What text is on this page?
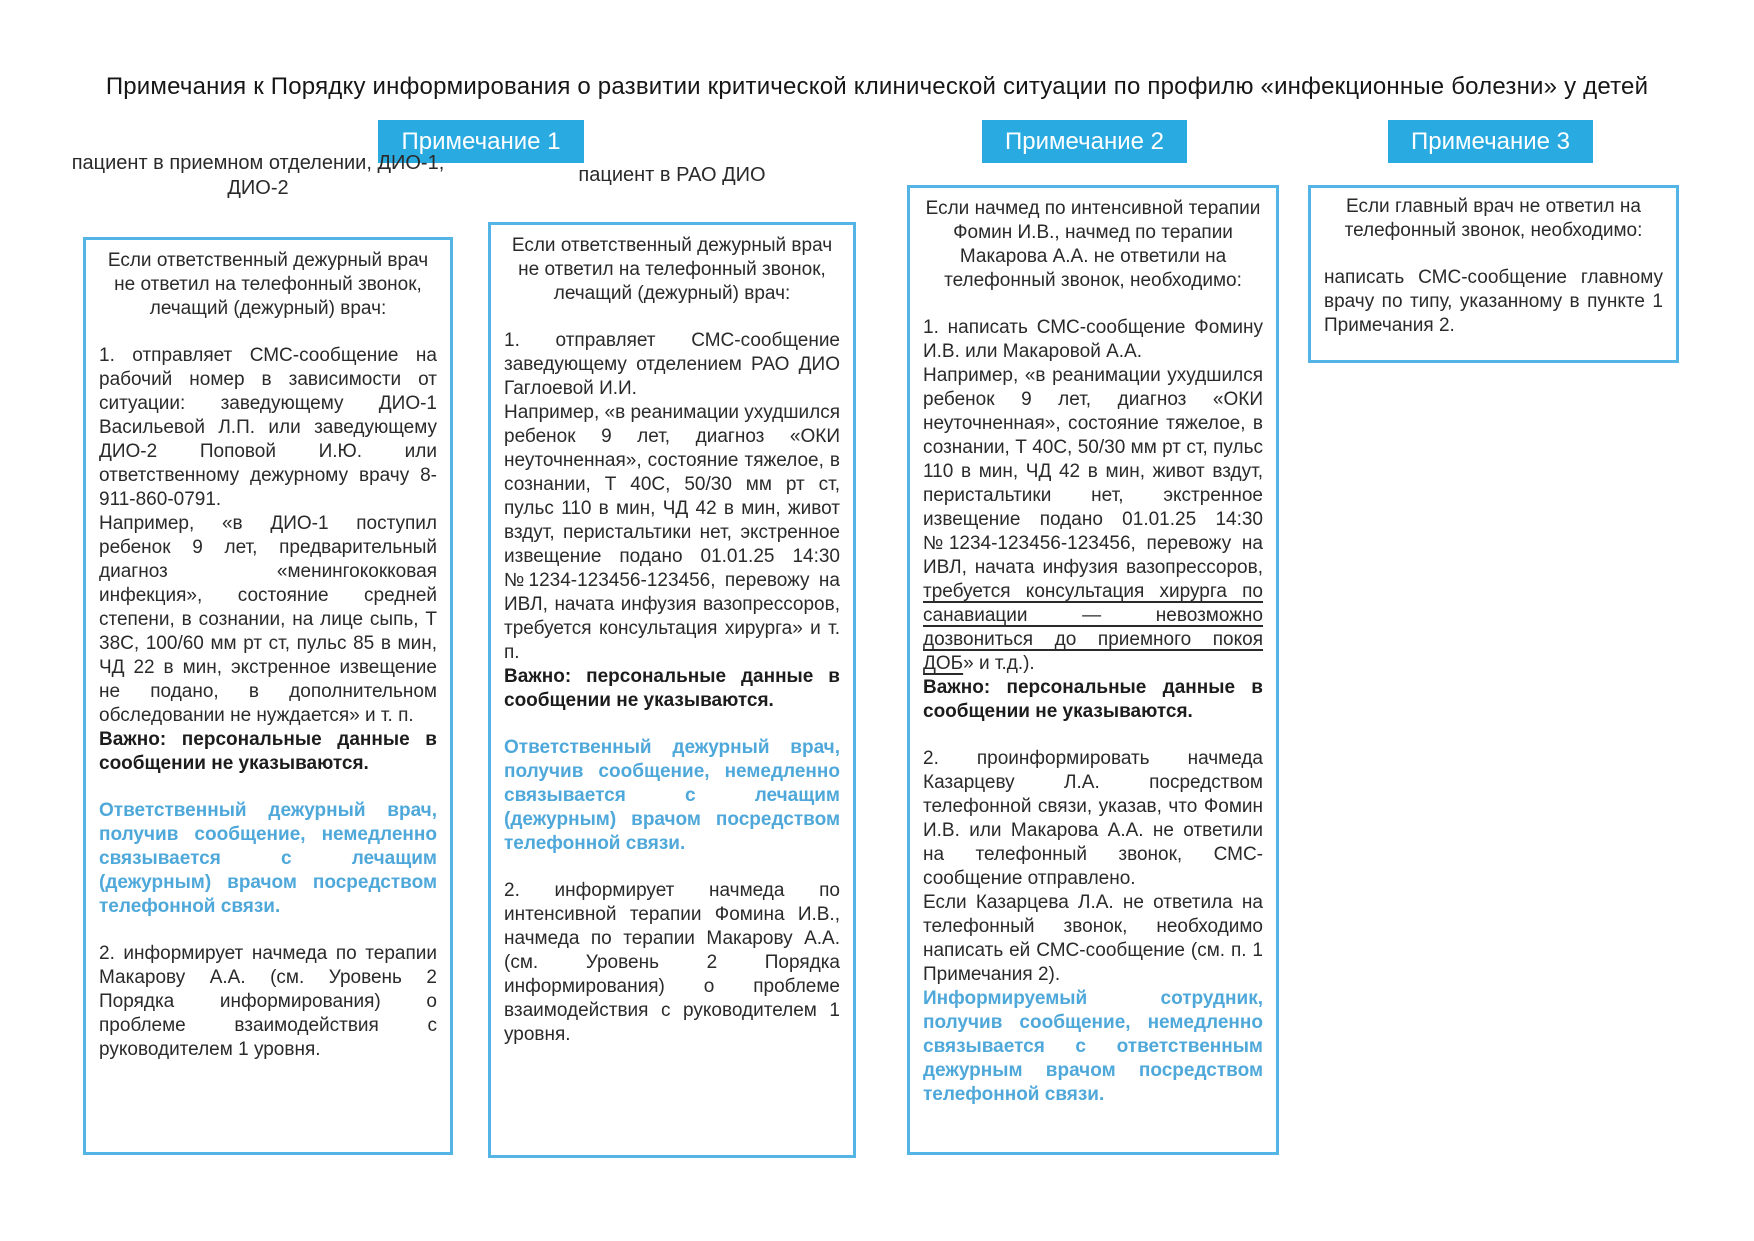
Примечания к Порядку информирования о развитии критической клинической ситуации по профилю «инфекционные болезни» у детей
Примечание 1	Примечание 2	Примечание 3
пациент в приемном отделении, ДИО-1, ДИО-2
пациент в РАО ДИО

Если ответственный дежурный врач не ответил на телефонный звонок, лечащий (дежурный) врач:

1. отправляет СМС-сообщение на рабочий номер в зависимости от ситуации: заведующему ДИО-1 Васильевой Л.П. или заведующему ДИО-2 Поповой И.Ю. или ответственному дежурному врачу 8-911-860-0791.

Например, «в ДИО-1 поступил ребенок 9 лет, предварительный диагноз «менингококковая инфекция», состояние средней степени, в сознании, на лице сыпь, Т 38С, 100/60 мм рт ст, пульс 85 в мин, ЧД 22 в мин, экстренное извещение не подано, в дополнительном обследовании не нуждается» и т. п.

Важно: персональные данные в сообщении не указываются.

Ответственный дежурный врач, получив сообщение, немедленно связывается с лечащим (дежурным) врачом посредством телефонной связи.

2. информирует начмеда по терапии Макарову А.А. (см. Уровень 2 Порядка информирования) о проблеме взаимодействия с руководителем 1 уровня.

Если ответственный дежурный врач не ответил на телефонный звонок, лечащий (дежурный) врач:

1. отправляет СМС-сообщение заведующему отделением РАО ДИО Гаглоевой И.И.

Например, «в реанимации ухудшился ребенок 9 лет, диагноз «ОКИ неуточненная», состояние тяжелое, в сознании, Т 40С, 50/30 мм рт ст, пульс 110 в мин, ЧД 42 в мин, живот вздут, перистальтики нет, экстренное извещение подано 01.01.25 14:30 №1234-123456-123456, перевожу на ИВЛ, начата инфузия вазопрессоров, требуется консультация хирурга» и т. п.

Важно: персональные данные в сообщении не указываются.

Ответственный дежурный врач, получив сообщение, немедленно связывается с лечащим (дежурным) врачом посредством телефонной связи.

2. информирует начмеда по интенсивной терапии Фомина И.В., начмеда по терапии Макарову А.А. (см. Уровень 2 Порядка информирования) о проблеме взаимодействия с руководителем 1 уровня.

Если начмед по интенсивной терапии Фомин И.В., начмед по терапии Макарова А.А. не ответили на телефонный звонок, необходимо:

1. написать СМС-сообщение Фомину И.В. или Макаровой А.А.

Например, «в реанимации ухудшился ребенок 9 лет, диагноз «ОКИ неуточненная», состояние тяжелое, в сознании, Т 40С, 50/30 мм рт ст, пульс 110 в мин, ЧД 42 в мин, живот вздут, перистальтики нет, экстренное извещение подано 01.01.25 14:30 №1234-123456-123456, перевожу на ИВЛ, начата инфузия вазопрессоров, требуется консультация хирурга по санавиации — невозможно дозвониться до приемного покоя ДОБ» и т.д.).

Важно: персональные данные в сообщении не указываются.

2. проинформировать начмеда Казарцеву Л.А. посредством телефонной связи, указав, что Фомин И.В. или Макарова А.А. не ответили на телефонный звонок, СМС-сообщение отправлено.

Если Казарцева Л.А. не ответила на телефонный звонок, необходимо написать ей СМС-сообщение (см. п. 1 Примечания 2).

Информируемый сотрудник, получив сообщение, немедленно связывается с ответственным дежурным врачом посредством телефонной связи.

Если главный врач не ответил на телефонный звонок, необходимо:

написать СМС-сообщение главному врачу по типу, указанному в пункте 1 Примечания 2.
